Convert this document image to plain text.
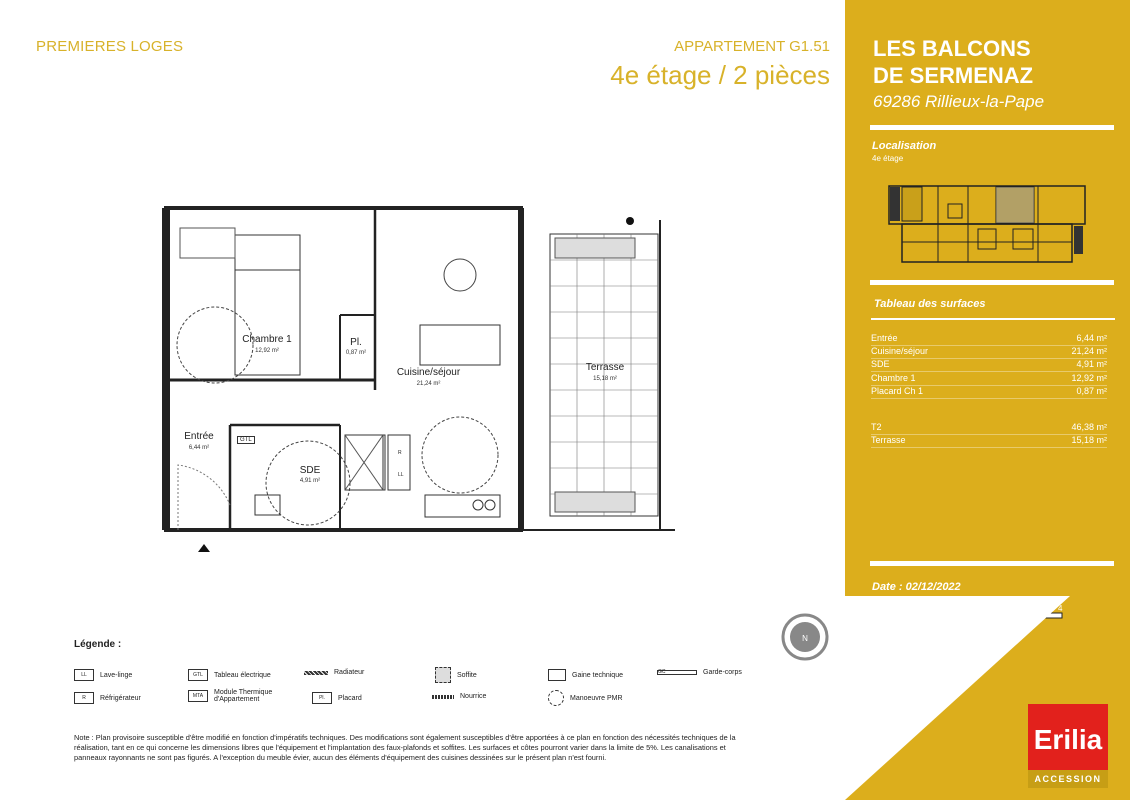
PREMIERES LOGES	APPARTEMENT G1.51
4e étage / 2 pièces
LES BALCONS
DE SERMENAZ
69286 Rillieux-la-Pape
Localisation
4e étage
Tableau des surfaces
Entrée	6,44 m²
Cuisine/séjour	21,24 m²
SDE	4,91 m²
Chambre 1	12,92 m²
Placard Ch 1	0,87 m²
T2	46,38 m²
Terrasse	15,18 m²
Date : 02/12/2022
4
Erilia
ACCESSION
Chambre 1
12,92 m²
Pl.
0,87 m²
Cuisine/séjour
21,24 m²
Terrasse
15,18 m²
Entrée
6,44 m²
SDE
4,91 m²
GTL
R
LL
N
Légende :
LL	Lave-linge	GTL	Tableau électrique	Radiateur	Soffite	Gaine technique	GC	Garde-corps
R	Réfrigérateur	MTA	Module Thermique d'Appartement	Pl.	Placard	Nourrice	Manoeuvre PMR
Note : Plan provisoire susceptible d'être modifié en fonction d'impératifs techniques. Des modifications sont également susceptibles d'être apportées à ce plan en fonction des nécessités techniques de la réalisation, tant en ce qui concerne les dimensions libres que l'équipement et l'implantation des faux-plafonds et soffites. Les surfaces et côtes pourront varier dans la limite de 5%. Les canalisations et panneaux rayonnants ne sont pas figurés. A l'exception du meuble évier, aucun des éléments d'équipement des cuisines dessinées sur le présent plan n'est fourni.
